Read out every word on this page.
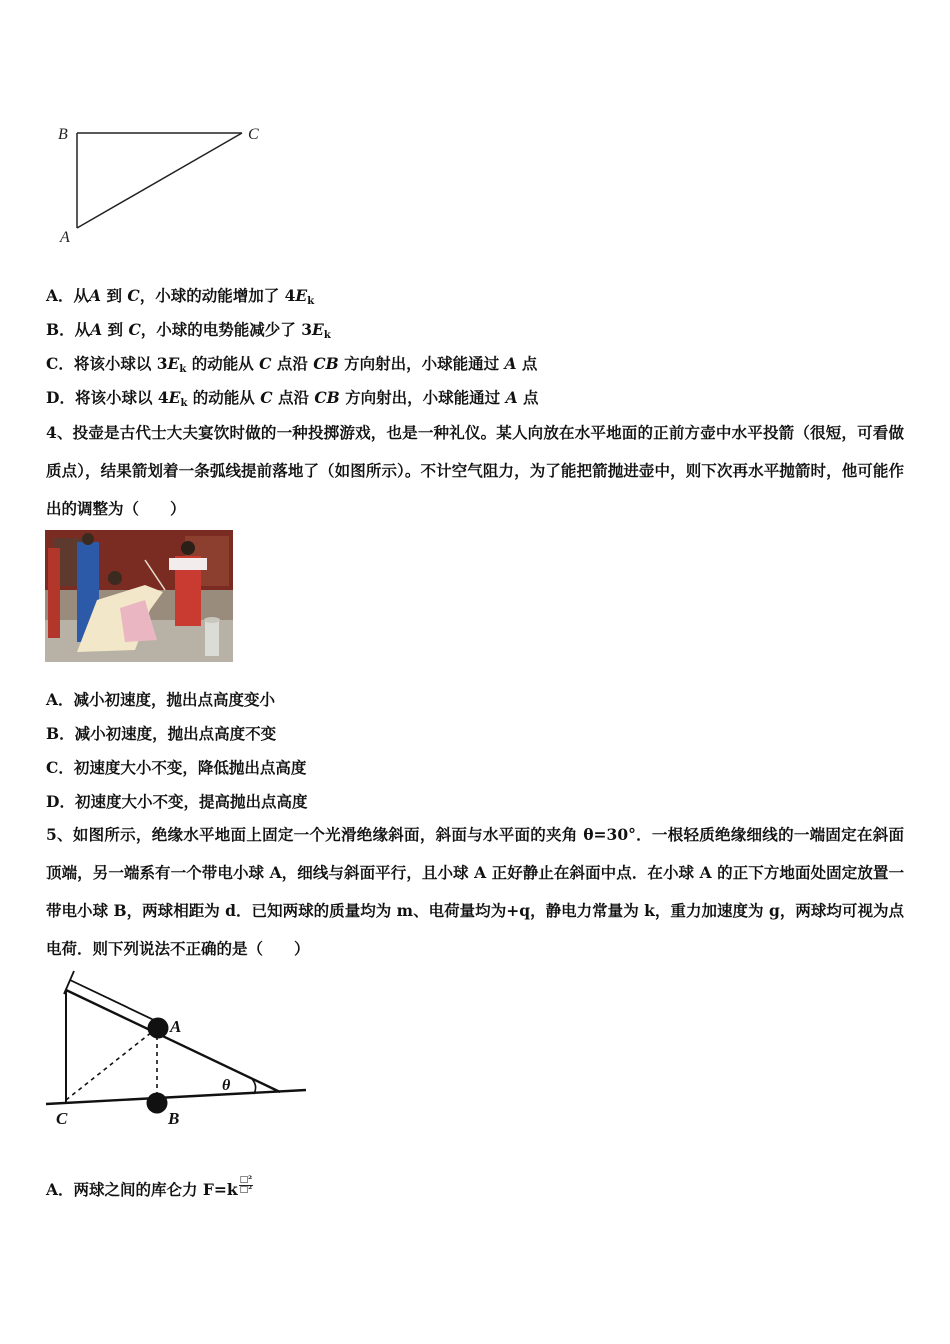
B	C
A
A．从A 到 C，小球的动能增加了 $4E_k$
B．从A 到 C，小球的电势能减少了 $3E_k$
C．将该小球以 $3E_k$ 的动能从 C 点沿 CB 方向射出，小球能通过 A 点
D．将该小球以 $4E_k$ 的动能从 C 点沿 CB 方向射出，小球能通过 A 点
4、投壶是古代士大夫宴饮时做的一种投掷游戏，也是一种礼仪。某人向放在水平地面的正前方壶中水平投箭（很短，可看做质点），结果箭划着一条弧线提前落地了（如图所示）。不计空气阻力，为了能把箭抛进壶中，则下次再水平抛箭时，他可能作出的调整为（　　）
A．减小初速度，抛出点高度变小
B．减小初速度，抛出点高度不变
C．初速度大小不变，降低抛出点高度
D．初速度大小不变，提高抛出点高度
5、如图所示，绝缘水平地面上固定一个光滑绝缘斜面，斜面与水平面的夹角 θ=30°．一根轻质绝缘细线的一端固定在斜面顶端，另一端系有一个带电小球 A，细线与斜面平行，且小球 A 正好静止在斜面中点．在小球 A 的正下方地面处固定放置一带电小球 B，两球相距为 d．已知两球的质量均为 m、电荷量均为+q，静电力常量为 k，重力加速度为 g，两球均可视为点电荷．则下列说法不正确的是（　　）
A
θ
C	B
A．两球之间的库仑力 $F=k \frac{\text{□²}}{\text{□²}}$
